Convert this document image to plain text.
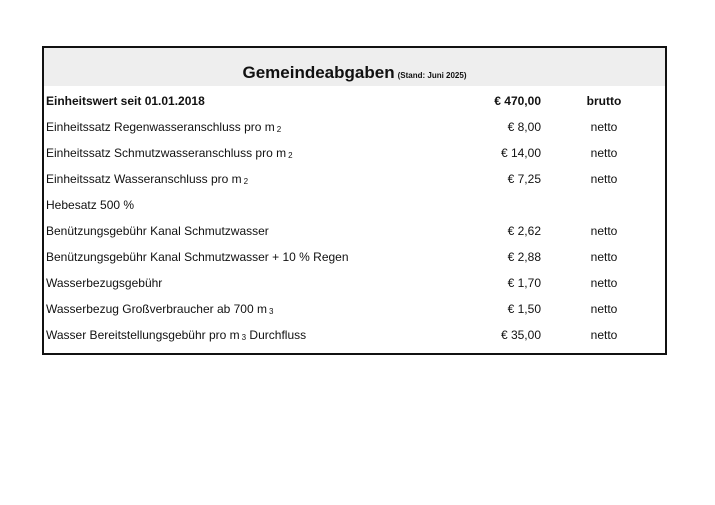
Gemeindeabgaben (Stand: Juni 2025)
Einheitswert seit 01.01.2018	€ 470,00	brutto
Einheitssatz Regenwasseranschluss pro m 2	€ 8,00	netto
Einheitssatz Schmutzwasseranschluss pro m 2	€ 14,00	netto
Einheitssatz Wasseranschluss pro m 2	€ 7,25	netto
Hebesatz 500 %
Benützungsgebühr Kanal Schmutzwasser	€ 2,62	netto
Benützungsgebühr Kanal Schmutzwasser + 10 % Regen	€ 2,88	netto
Wasserbezugsgebühr	€ 1,70	netto
Wasserbezug Großverbraucher ab 700 m 3	€ 1,50	netto
Wasser Bereitstellungsgebühr pro m 3 Durchfluss	€ 35,00	netto
